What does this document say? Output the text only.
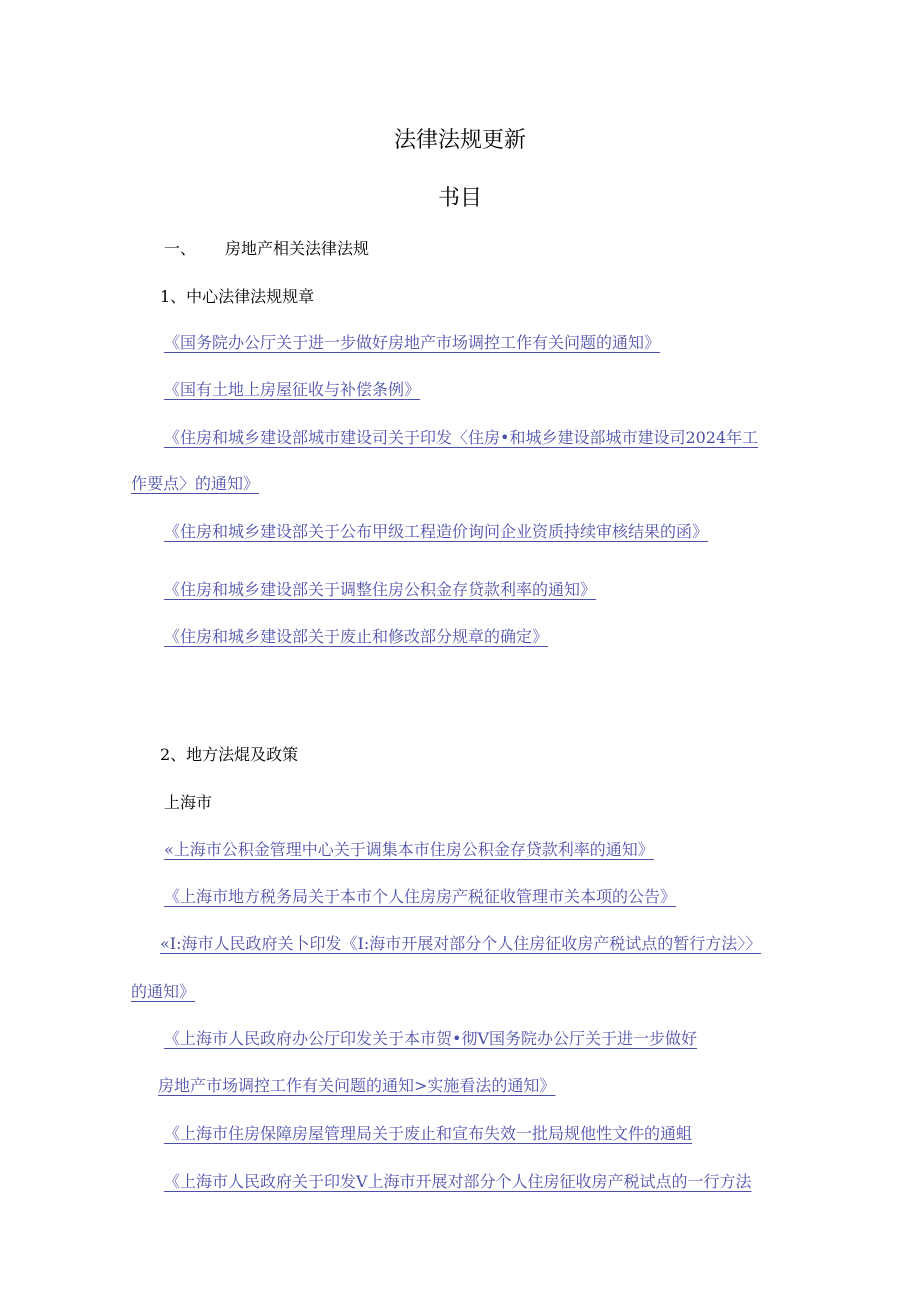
法律法规更新
书目
一、 房地产相关法律法规
1、中心法律法规规章
《国务院办公厅关于进一步做好房地产市场调控工作有关问题的通知》
《国有土地上房屋征收与补偿条例》
《住房和城乡建设部城市建设司关于印发〈住房•和城乡建设部城市建设司2024年工
作要点〉的通知》
《住房和城乡建设部关于公布甲级工程造价询问企业资质持续审核结果的函》
《住房和城乡建设部关于调整住房公积金存贷款利率的通知》
《住房和城乡建设部关于废止和修改部分规章的确定》
2、地方法焜及政策
上海市
«上海市公积金管理中心关于调集本市住房公积金存贷款利率的通知》
《上海市地方税务局关于本市个人住房房产税征收管理市关本项的公告》
«I:海市人民政府关卜印发《I:海市开展对部分个人住房征收房产税试点的暂行方法〉〉
的通知》
《上海市人民政府办公厅印发关于本市贺•彻V国务院办公厅关于进一步做好
房地产市场调控工作有关问题的通知>实施看法的通知》
《上海市住房保障房屋管理局关于废止和宣布失效一批局规他性文件的通蛆
《上海市人民政府关于印发V上海市开展对部分个人住房征收房产税试点的一行方法
